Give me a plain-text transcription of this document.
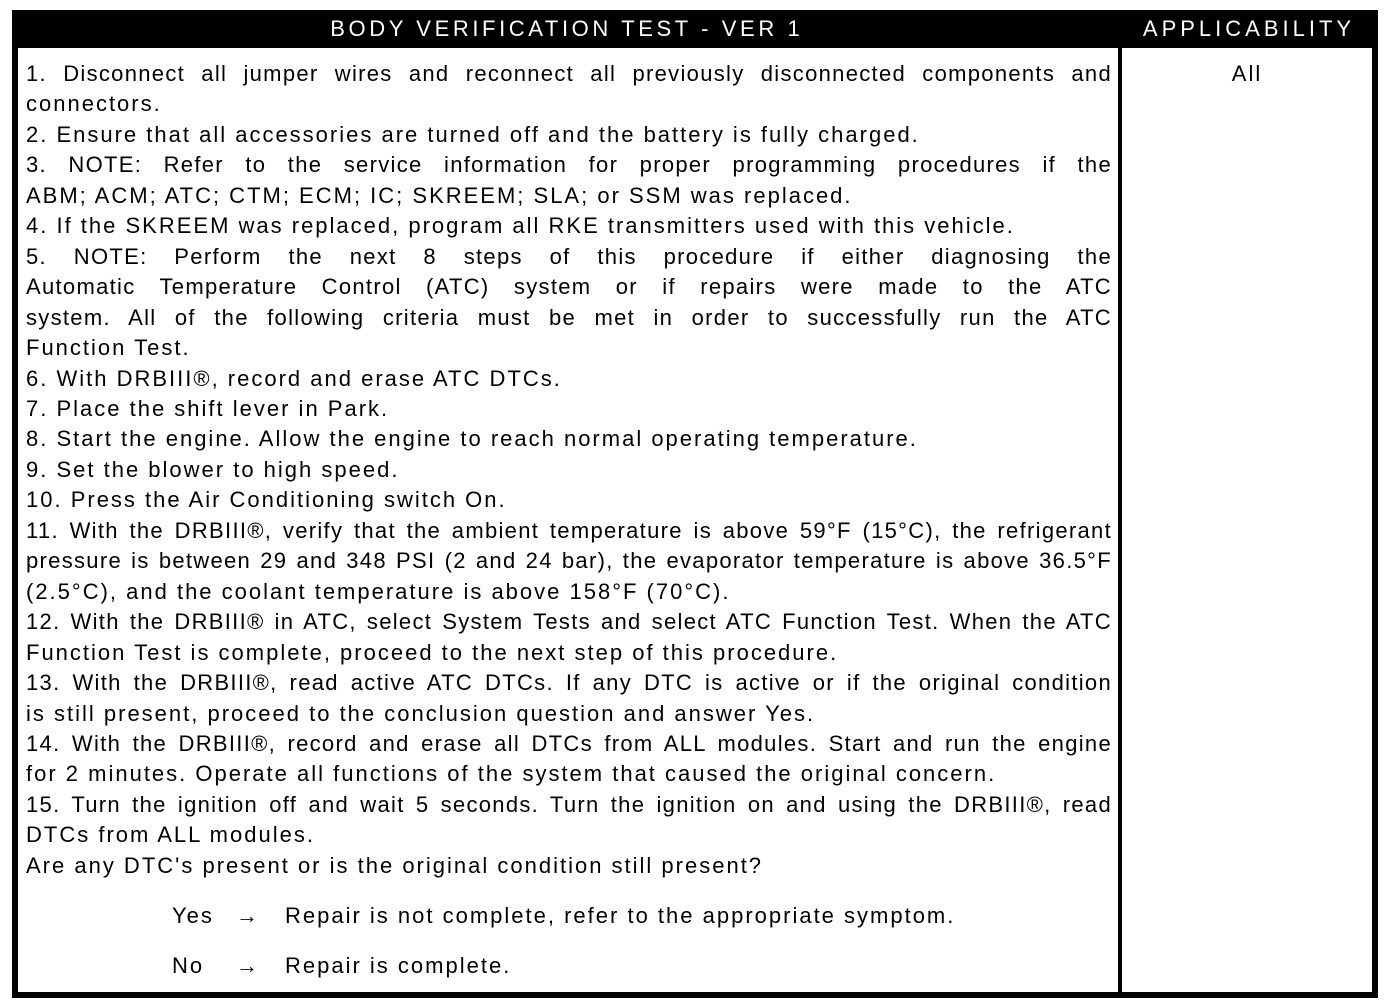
BODY VERIFICATION TEST - VER 1	APPLICABILITY
1. Disconnect all jumper wires and reconnect all previously disconnected components and
connectors.
2. Ensure that all accessories are turned off and the battery is fully charged.
3. NOTE: Refer to the service information for proper programming procedures if the
ABM; ACM; ATC; CTM; ECM; IC; SKREEM; SLA; or SSM was replaced.
4. If the SKREEM was replaced, program all RKE transmitters used with this vehicle.
5. NOTE: Perform the next 8 steps of this procedure if either diagnosing the
Automatic Temperature Control (ATC) system or if repairs were made to the ATC
system. All of the following criteria must be met in order to successfully run the ATC
Function Test.
6. With DRBIII®, record and erase ATC DTCs.
7. Place the shift lever in Park.
8. Start the engine. Allow the engine to reach normal operating temperature.
9. Set the blower to high speed.
10. Press the Air Conditioning switch On.
11. With the DRBIII®, verify that the ambient temperature is above 59°F (15°C), the refrigerant
pressure is between 29 and 348 PSI (2 and 24 bar), the evaporator temperature is above 36.5°F
(2.5°C), and the coolant temperature is above 158°F (70°C).
12. With the DRBIII® in ATC, select System Tests and select ATC Function Test. When the ATC
Function Test is complete, proceed to the next step of this procedure.
13. With the DRBIII®, read active ATC DTCs. If any DTC is active or if the original condition
is still present, proceed to the conclusion question and answer Yes.
14. With the DRBIII®, record and erase all DTCs from ALL modules. Start and run the engine
for 2 minutes. Operate all functions of the system that caused the original concern.
15. Turn the ignition off and wait 5 seconds. Turn the ignition on and using the DRBIII®, read
DTCs from ALL modules.
Are any DTC's present or is the original condition still present?
Yes → Repair is not complete, refer to the appropriate symptom.
No → Repair is complete.
All
